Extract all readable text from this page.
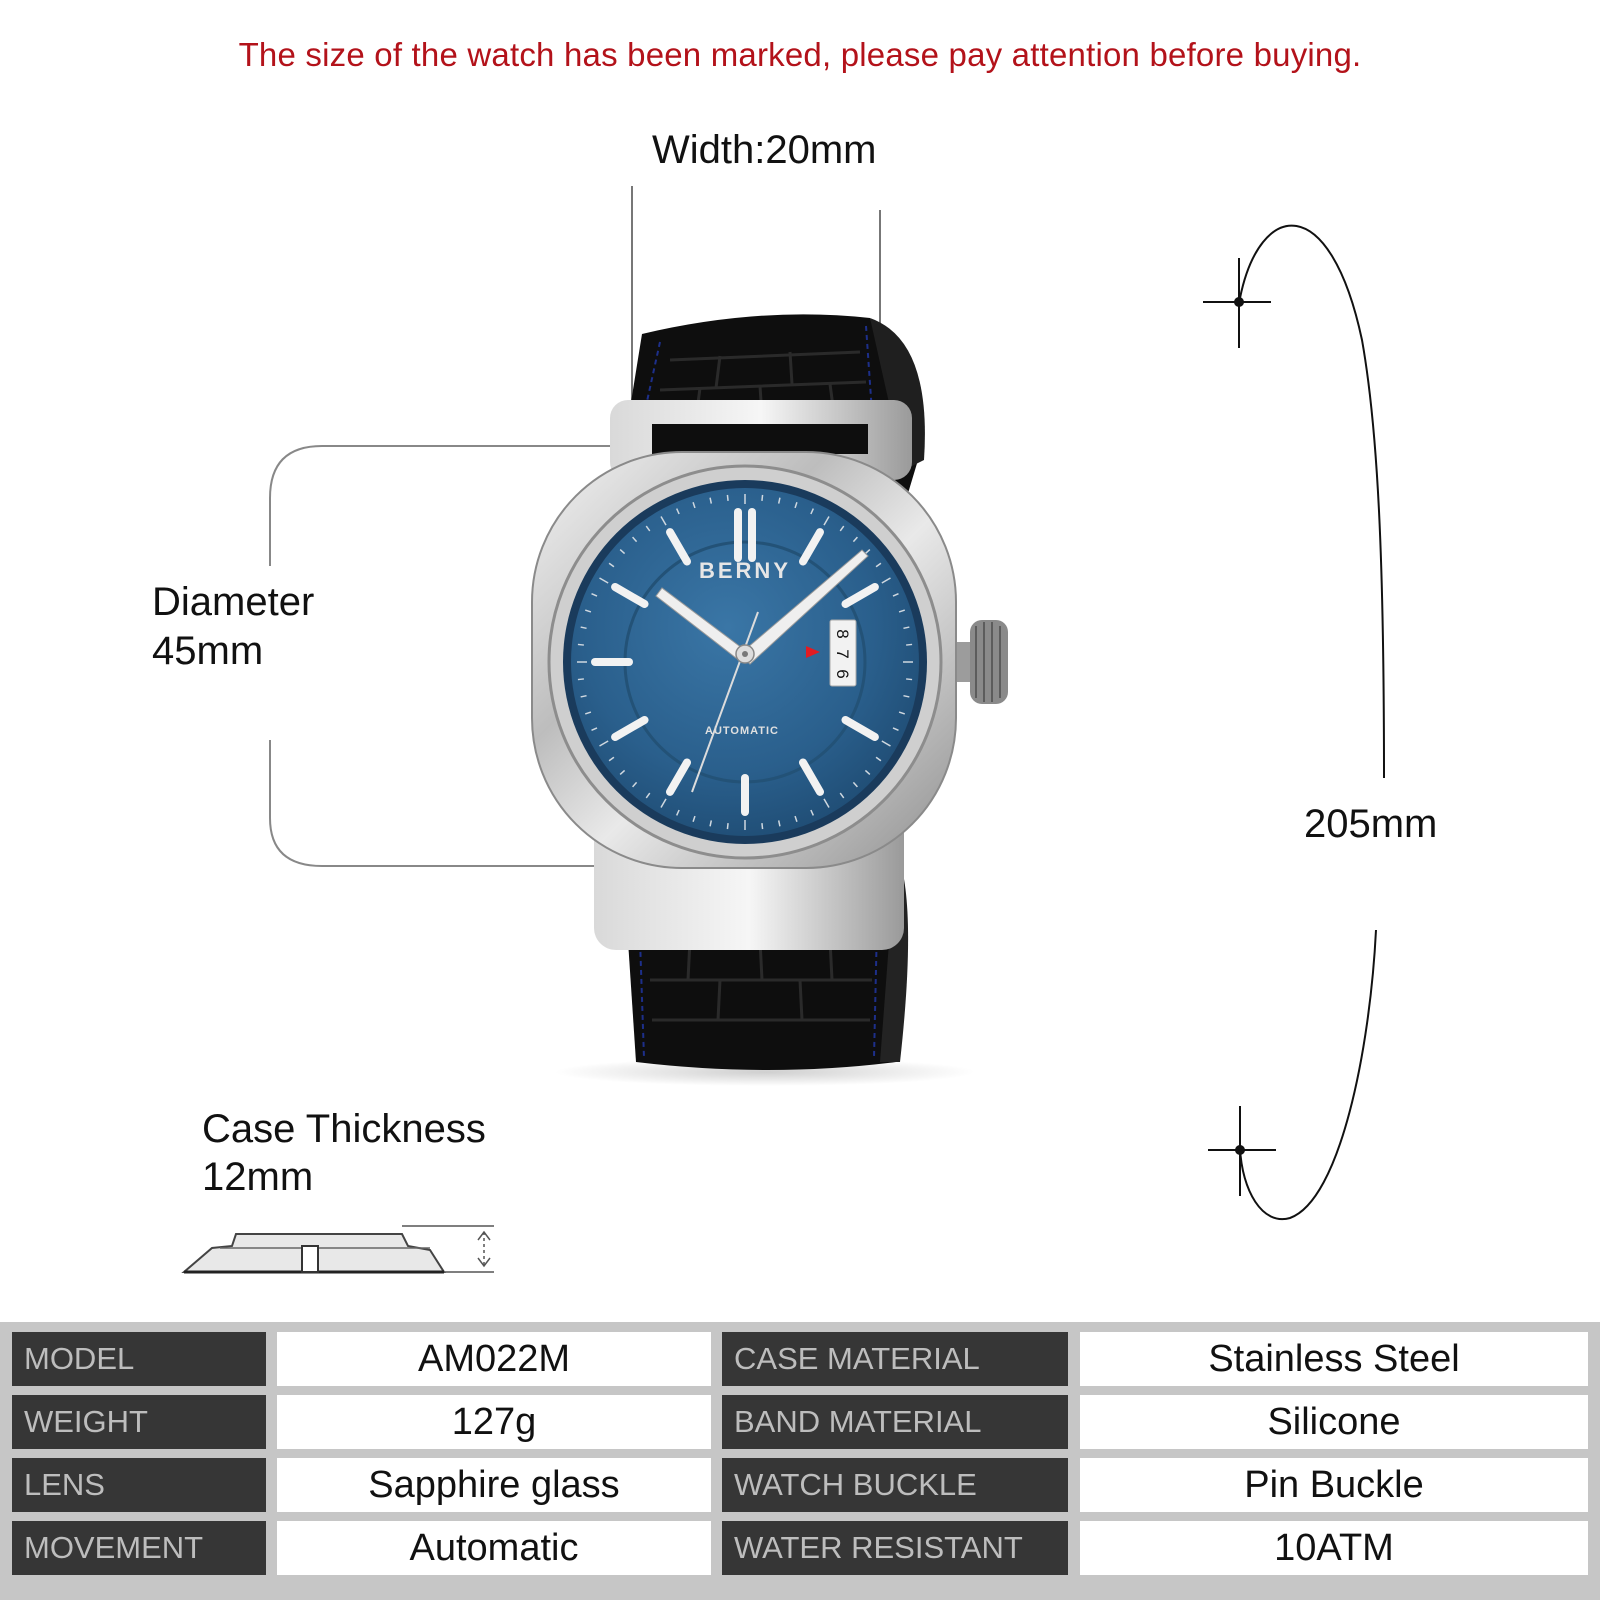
The size of the watch has been marked, please pay attention before buying.
Width:20mm
Diameter
45mm
205mm
Case Thickness
12mm
BERNY
AUTOMATIC
8
7
6
MODEL	AM022M	CASE MATERIAL	Stainless Steel
WEIGHT	127g	BAND MATERIAL	Silicone
LENS	Sapphire glass	WATCH BUCKLE	Pin Buckle
MOVEMENT	Automatic	WATER RESISTANT	10ATM
